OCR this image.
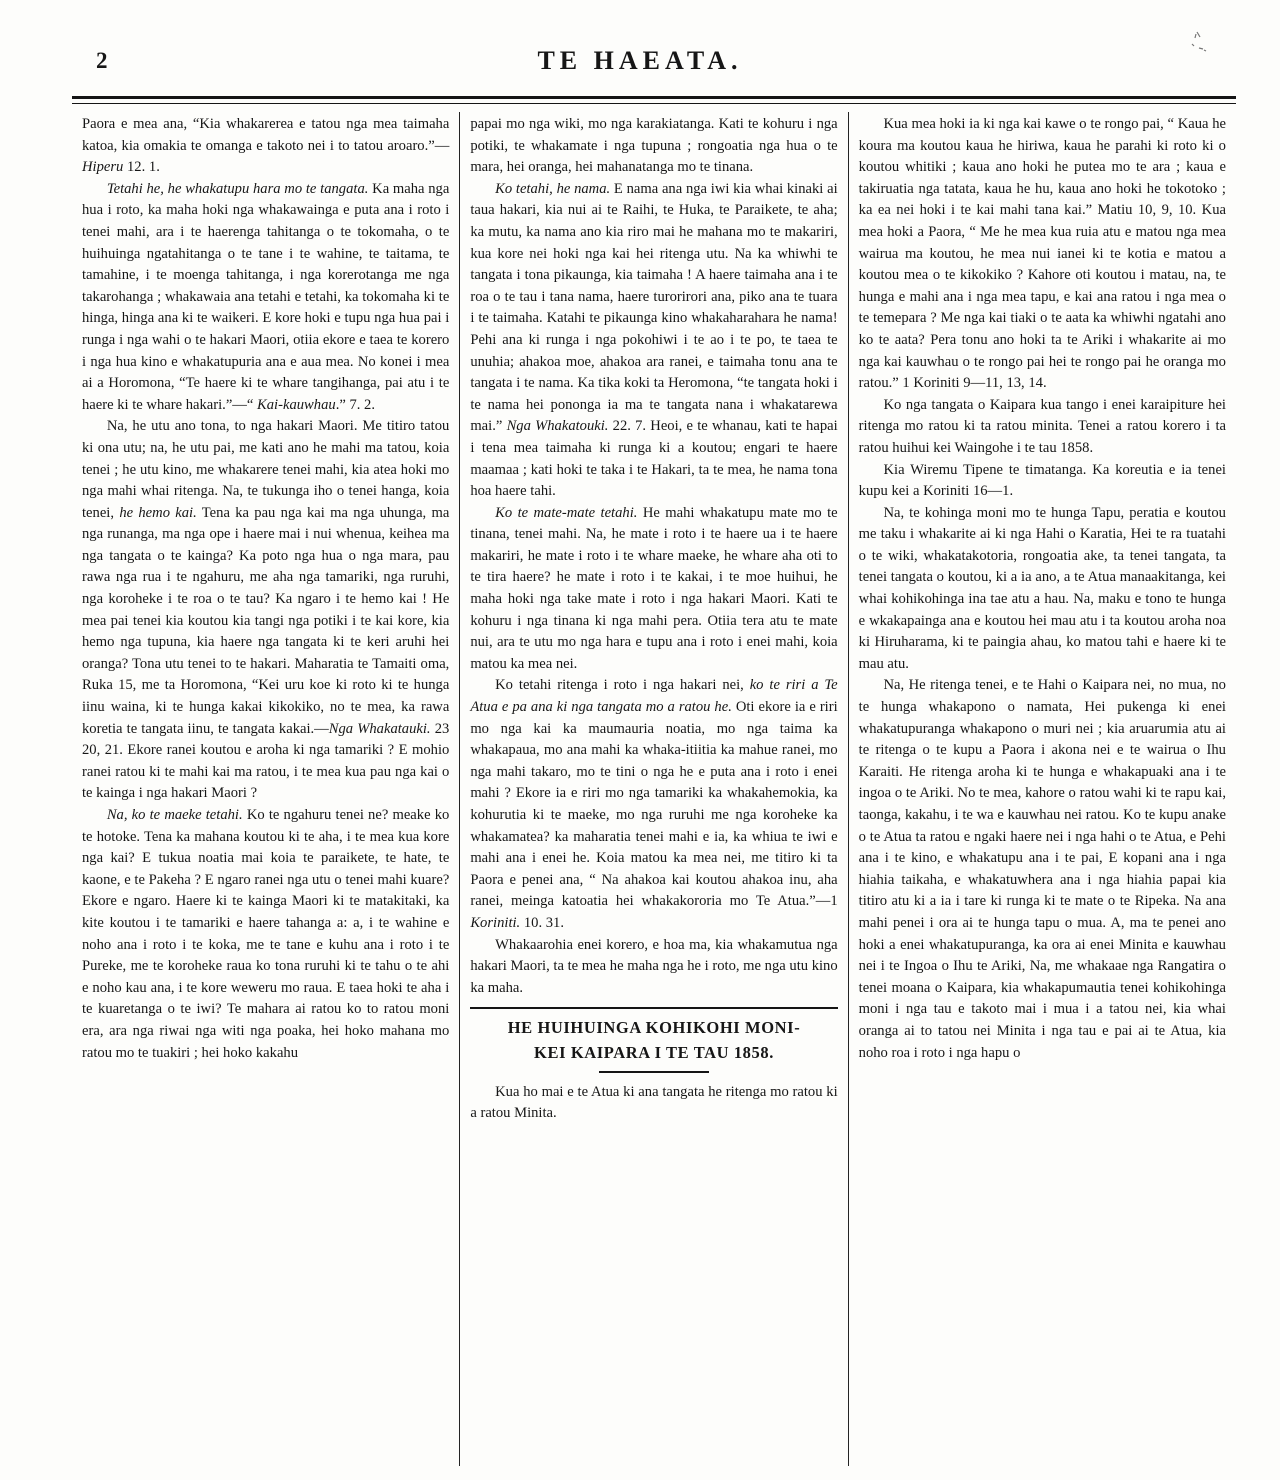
2	TE HAEATA.

Paora e mea ana, “Kia whakarerea e tatou nga mea taimaha katoa, kia omakia te omanga e takoto nei i to tatou aroaro.”—Hiperu 12. 1.

Tetahi he, he whakatupu hara mo te tangata. Ka maha nga hua i roto, ka maha hoki nga whakawainga e puta ana i roto i tenei mahi, ara i te haerenga tahitanga o te tokomaha, o te huihuinga ngatahitanga o te tane i te wahine, te taitama, te tamahine, i te moenga tahitanga, i nga korerotanga me nga takarohanga ; whakawaia ana tetahi e tetahi, ka tokomaha ki te hinga, hinga ana ki te waikeri. E kore hoki e tupu nga hua pai i runga i nga wahi o te hakari Maori, otiia ekore e taea te korero i nga hua kino e whakatupuria ana e aua mea. No konei i mea ai a Horomona, “Te haere ki te whare tangihanga, pai atu i te haere ki te whare hakari.”—“ Kai-kauwhau.” 7. 2.

Na, he utu ano tona, to nga hakari Maori. Me titiro tatou ki ona utu; na, he utu pai, me kati ano he mahi ma tatou, koia tenei ; he utu kino, me whakarere tenei mahi, kia atea hoki mo nga mahi whai ritenga. Na, te tukunga iho o tenei hanga, koia tenei, he hemo kai. Tena ka pau nga kai ma nga uhunga, ma nga runanga, ma nga ope i haere mai i nui whenua, keihea ma nga tangata o te kainga? Ka poto nga hua o nga mara, pau rawa nga rua i te ngahuru, me aha nga tamariki, nga ruruhi, nga koroheke i te roa o te tau? Ka ngaro i te hemo kai ! He mea pai tenei kia koutou kia tangi nga potiki i te kai kore, kia hemo nga tupuna, kia haere nga tangata ki te keri aruhi hei oranga? Tona utu tenei to te hakari. Maharatia te Tamaiti oma, Ruka 15, me ta Horomona, “Kei uru koe ki roto ki te hunga iinu waina, ki te hunga kakai kikokiko, no te mea, ka rawa koretia te tangata iinu, te tangata kakai.—Nga Whakatauki. 23 20, 21. Ekore ranei koutou e aroha ki nga tamariki ? E mohio ranei ratou ki te mahi kai ma ratou, i te mea kua pau nga kai o te kainga i nga hakari Maori ?

Na, ko te maeke tetahi. Ko te ngahuru tenei ne? meake ko te hotoke. Tena ka mahana koutou ki te aha, i te mea kua kore nga kai? E tukua noatia mai koia te paraikete, te hate, te kaone, e te Pakeha ? E ngaro ranei nga utu o tenei mahi kuare? Ekore e ngaro. Haere ki te kainga Maori ki te matakitaki, ka kite koutou i te tamariki e haere tahanga a: a, i te wahine e noho ana i roto i te koka, me te tane e kuhu ana i roto i te Pureke, me te koroheke raua ko tona ruruhi ki te tahu o te ahi e noho kau ana, i te kore weweru mo raua. E taea hoki te aha i te kuaretanga o te iwi? Te mahara ai ratou ko to ratou moni era, ara nga riwai nga witi nga poaka, hei hoko mahana mo ratou mo te tuakiri ; hei hoko kakahu

papai mo nga wiki, mo nga karakiatanga. Kati te kohuru i nga potiki, te whakamate i nga tupuna ; rongoatia nga hua o te mara, hei oranga, hei mahanatanga mo te tinana.

Ko tetahi, he nama. E nama ana nga iwi kia whai kinaki ai taua hakari, kia nui ai te Raihi, te Huka, te Paraikete, te aha; ka mutu, ka nama ano kia riro mai he mahana mo te makariri, kua kore nei hoki nga kai hei ritenga utu. Na ka whiwhi te tangata i tona pikaunga, kia taimaha ! A haere taimaha ana i te roa o te tau i tana nama, haere turorirori ana, piko ana te tuara i te taimaha. Katahi te pikaunga kino whakaharahara he nama! Pehi ana ki runga i nga pokohiwi i te ao i te po, te taea te unuhia; ahakoa moe, ahakoa ara ranei, e taimaha tonu ana te tangata i te nama. Ka tika koki ta Heromona, “te tangata hoki i te nama hei pononga ia ma te tangata nana i whakatarewa mai.” Nga Whakatouki. 22. 7. Heoi, e te whanau, kati te hapai i tena mea taimaha ki runga ki a koutou; engari te haere maamaa ; kati hoki te taka i te Hakari, ta te mea, he nama tona hoa haere tahi.

Ko te mate-mate tetahi. He mahi whakatupu mate mo te tinana, tenei mahi. Na, he mate i roto i te haere ua i te haere makariri, he mate i roto i te whare maeke, he whare aha oti to te tira haere? he mate i roto i te kakai, i te moe huihui, he maha hoki nga take mate i roto i nga hakari Maori. Kati te kohuru i nga tinana ki nga mahi pera. Otiia tera atu te mate nui, ara te utu mo nga hara e tupu ana i roto i enei mahi, koia matou ka mea nei.

Ko tetahi ritenga i roto i nga hakari nei, ko te riri a Te Atua e pa ana ki nga tangata mo a ratou he. Oti ekore ia e riri mo nga kai ka maumauria noatia, mo nga taima ka whakapaua, mo ana mahi ka whaka-itiitia ka mahue ranei, mo nga mahi takaro, mo te tini o nga he e puta ana i roto i enei mahi ? Ekore ia e riri mo nga tamariki ka whakahemokia, ka kohurutia ki te maeke, mo nga ruruhi me nga koroheke ka whakamatea? ka maharatia tenei mahi e ia, ka whiua te iwi e mahi ana i enei he. Koia matou ka mea nei, me titiro ki ta Paora e penei ana, “ Na ahakoa kai koutou ahakoa inu, aha ranei, meinga katoatia hei whakakororia mo Te Atua.”—1 Koriniti. 10. 31.

Whakaarohia enei korero, e hoa ma, kia whakamutua nga hakari Maori, ta te mea he maha nga he i roto, me nga utu kino ka maha.

HE HUIHUINGA KOHIKOHI MONI-
KEI KAIPARA I TE TAU 1858.

Kua ho mai e te Atua ki ana tangata he ritenga mo ratou ki a ratou Minita.

Kua mea hoki ia ki nga kai kawe o te rongo pai, “ Kaua he koura ma koutou kaua he hiriwa, kaua he parahi ki roto ki o koutou whitiki ; kaua ano hoki he putea mo te ara ; kaua e takiruatia nga tatata, kaua he hu, kaua ano hoki he tokotoko ; ka ea nei hoki i te kai mahi tana kai.” Matiu 10, 9, 10. Kua mea hoki a Paora, “ Me he mea kua ruia atu e matou nga mea wairua ma koutou, he mea nui ianei ki te kotia e matou a koutou mea o te kikokiko ? Kahore oti koutou i matau, na, te hunga e mahi ana i nga mea tapu, e kai ana ratou i nga mea o te temepara ? Me nga kai tiaki o te aata ka whiwhi ngatahi ano ko te aata? Pera tonu ano hoki ta te Ariki i whakarite ai mo nga kai kauwhau o te rongo pai hei te rongo pai he oranga mo ratou.” 1 Koriniti 9—11, 13, 14.

Ko nga tangata o Kaipara kua tango i enei karaipiture hei ritenga mo ratou ki ta ratou minita. Tenei a ratou korero i ta ratou huihui kei Waingohe i te tau 1858.

Kia Wiremu Tipene te timatanga. Ka koreutia e ia tenei kupu kei a Koriniti 16—1.

Na, te kohinga moni mo te hunga Tapu, peratia e koutou me taku i whakarite ai ki nga Hahi o Karatia, Hei te ra tuatahi o te wiki, whakatakotoria, rongoatia ake, ta tenei tangata, ta tenei tangata o koutou, ki a ia ano, a te Atua manaakitanga, kei whai kohikohinga ina tae atu a hau. Na, maku e tono te hunga e wkakapainga ana e koutou hei mau atu i ta koutou aroha noa ki Hiruharama, ki te paingia ahau, ko matou tahi e haere ki te mau atu.

Na, He ritenga tenei, e te Hahi o Kaipara nei, no mua, no te hunga whakapono o namata, Hei pukenga ki enei whakatupuranga whakapono o muri nei ; kia aruarumia atu ai te ritenga o te kupu a Paora i akona nei e te wairua o Ihu Karaiti. He ritenga aroha ki te hunga e whakapuaki ana i te ingoa o te Ariki. No te mea, kahore o ratou wahi ki te rapu kai, taonga, kakahu, i te wa e kauwhau nei ratou. Ko te kupu anake o te Atua ta ratou e ngaki haere nei i nga hahi o te Atua, e Pehi ana i te kino, e whakatupu ana i te pai, E kopani ana i nga hiahia taikaha, e whakatuwhera ana i nga hiahia papai kia titiro atu ki a ia i tare ki runga ki te mate o te Ripeka. Na ana mahi penei i ora ai te hunga tapu o mua. A, ma te penei ano hoki a enei whakatupuranga, ka ora ai enei Minita e kauwhau nei i te Ingoa o Ihu te Ariki, Na, me whakaae nga Rangatira o tenei moana o Kaipara, kia whakapumautia tenei kohikohinga moni i nga tau e takoto mai i mua i a tatou nei, kia whai oranga ai to tatou nei Minita i nga tau e pai ai te Atua, kia noho roa i roto i nga hapu o
